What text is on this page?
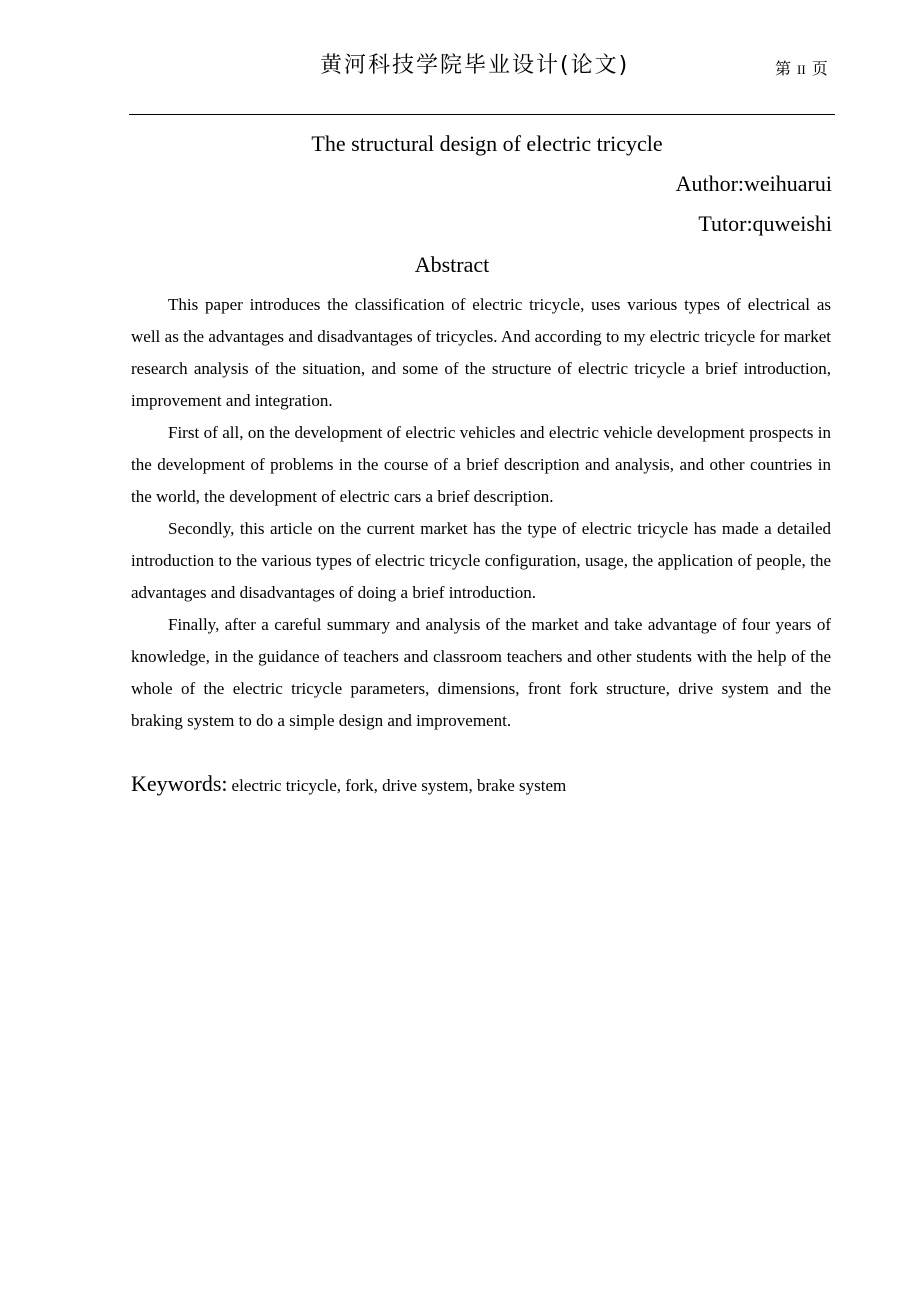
黄河科技学院毕业设计(论文)	第 II 页
The structural design of electric tricycle
Author:weihuarui
Tutor:quweishi
Abstract

This paper introduces the classification of electric tricycle, uses various types of electrical as well as the advantages and disadvantages of tricycles. And according to my electric tricycle for market research analysis of the situation, and some of the structure of electric tricycle a brief introduction, improvement and integration.

First of all, on the development of electric vehicles and electric vehicle development prospects in the development of problems in the course of a brief description and analysis, and other countries in the world, the development of electric cars a brief description.

Secondly, this article on the current market has the type of electric tricycle has made a detailed introduction to the various types of electric tricycle configuration, usage, the application of people, the advantages and disadvantages of doing a brief introduction.

Finally, after a careful summary and analysis of the market and take advantage of four years of knowledge, in the guidance of teachers and classroom teachers and other students with the help of the whole of the electric tricycle parameters, dimensions, front fork structure, drive system and the braking system to do a simple design and improvement.

Keywords: electric tricycle, fork, drive system, brake system
